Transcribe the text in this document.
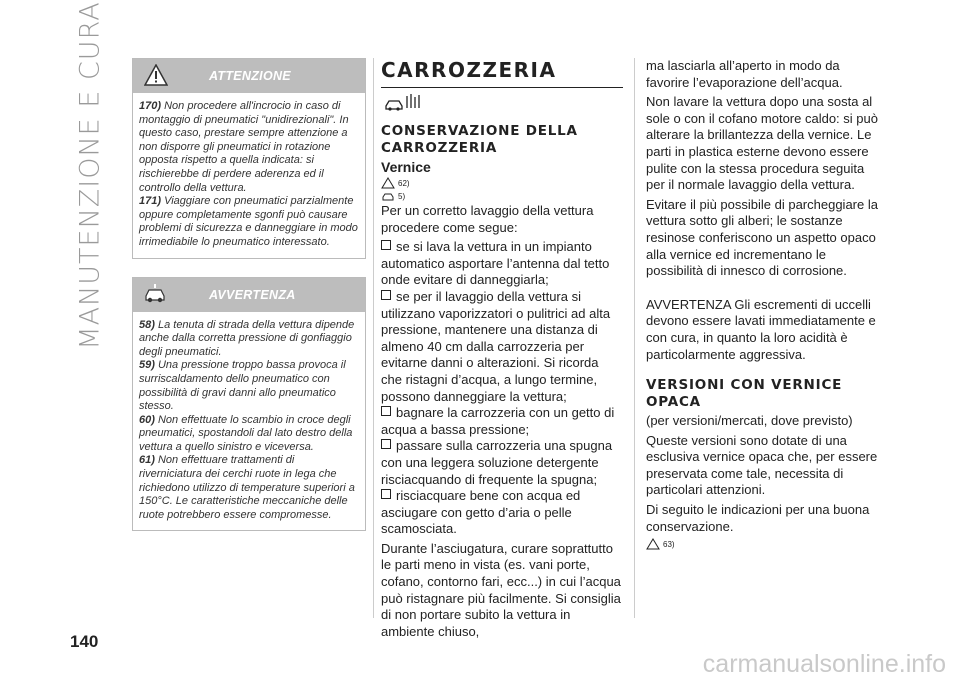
MANUTENZIONE E CURA
140
carmanualsonline.info
ATTENZIONE

170) Non procedere all'incrocio in caso di montaggio di pneumatici "unidirezionali". In questo caso, prestare sempre attenzione a non disporre gli pneumatici in rotazione opposta rispetto a quella indicata: si rischierebbe di perdere aderenza ed il controllo della vettura.

171) Viaggiare con pneumatici parzialmente oppure completamente sgonfi può causare problemi di sicurezza e danneggiare in modo irrimediabile lo pneumatico interessato.

AVVERTENZA

58) La tenuta di strada della vettura dipende anche dalla corretta pressione di gonfiaggio degli pneumatici.

59) Una pressione troppo bassa provoca il surriscaldamento dello pneumatico con possibilità di gravi danni allo pneumatico stesso.

60) Non effettuate lo scambio in croce degli pneumatici, spostandoli dal lato destro della vettura a quello sinistro e viceversa.

61) Non effettuare trattamenti di riverniciatura dei cerchi ruote in lega che richiedono utilizzo di temperature superiori a 150°C. Le caratteristiche meccaniche delle ruote potrebbero essere compromesse.

CARROZZERIA
CONSERVAZIONE DELLA CARROZZERIA
Vernice
62)
5)

Per un corretto lavaggio della vettura procedere come segue:

se si lava la vettura in un impianto automatico asportare l’antenna dal tetto onde evitare di danneggiarla;

se per il lavaggio della vettura si utilizzano vaporizzatori o pulitrici ad alta pressione, mantenere una distanza di almeno 40 cm dalla carrozzeria per evitarne danni o alterazioni. Si ricorda che ristagni d’acqua, a lungo termine, possono danneggiare la vettura;

bagnare la carrozzeria con un getto di acqua a bassa pressione;

passare sulla carrozzeria una spugna con una leggera soluzione detergente risciacquando di frequente la spugna;

risciacquare bene con acqua ed asciugare con getto d’aria o pelle scamosciata.

Durante l’asciugatura, curare soprattutto le parti meno in vista (es. vani porte, cofano, contorno fari, ecc...) in cui l’acqua può ristagnare più facilmente. Si consiglia di non portare subito la vettura in ambiente chiuso,

ma lasciarla all’aperto in modo da favorire l’evaporazione dell’acqua.

Non lavare la vettura dopo una sosta al sole o con il cofano motore caldo: si può alterare la brillantezza della vernice. Le parti in plastica esterne devono essere pulite con la stessa procedura seguita per il normale lavaggio della vettura.

Evitare il più possibile di parcheggiare la vettura sotto gli alberi; le sostanze resinose conferiscono un aspetto opaco alla vernice ed incrementano le possibilità di innesco di corrosione.

AVVERTENZA Gli escrementi di uccelli devono essere lavati immediatamente e con cura, in quanto la loro acidità è particolarmente aggressiva.

VERSIONI CON VERNICE OPACA

(per versioni/mercati, dove previsto)

Queste versioni sono dotate di una esclusiva vernice opaca che, per essere preservata come tale, necessita di particolari attenzioni.

Di seguito le indicazioni per una buona conservazione.

63)
